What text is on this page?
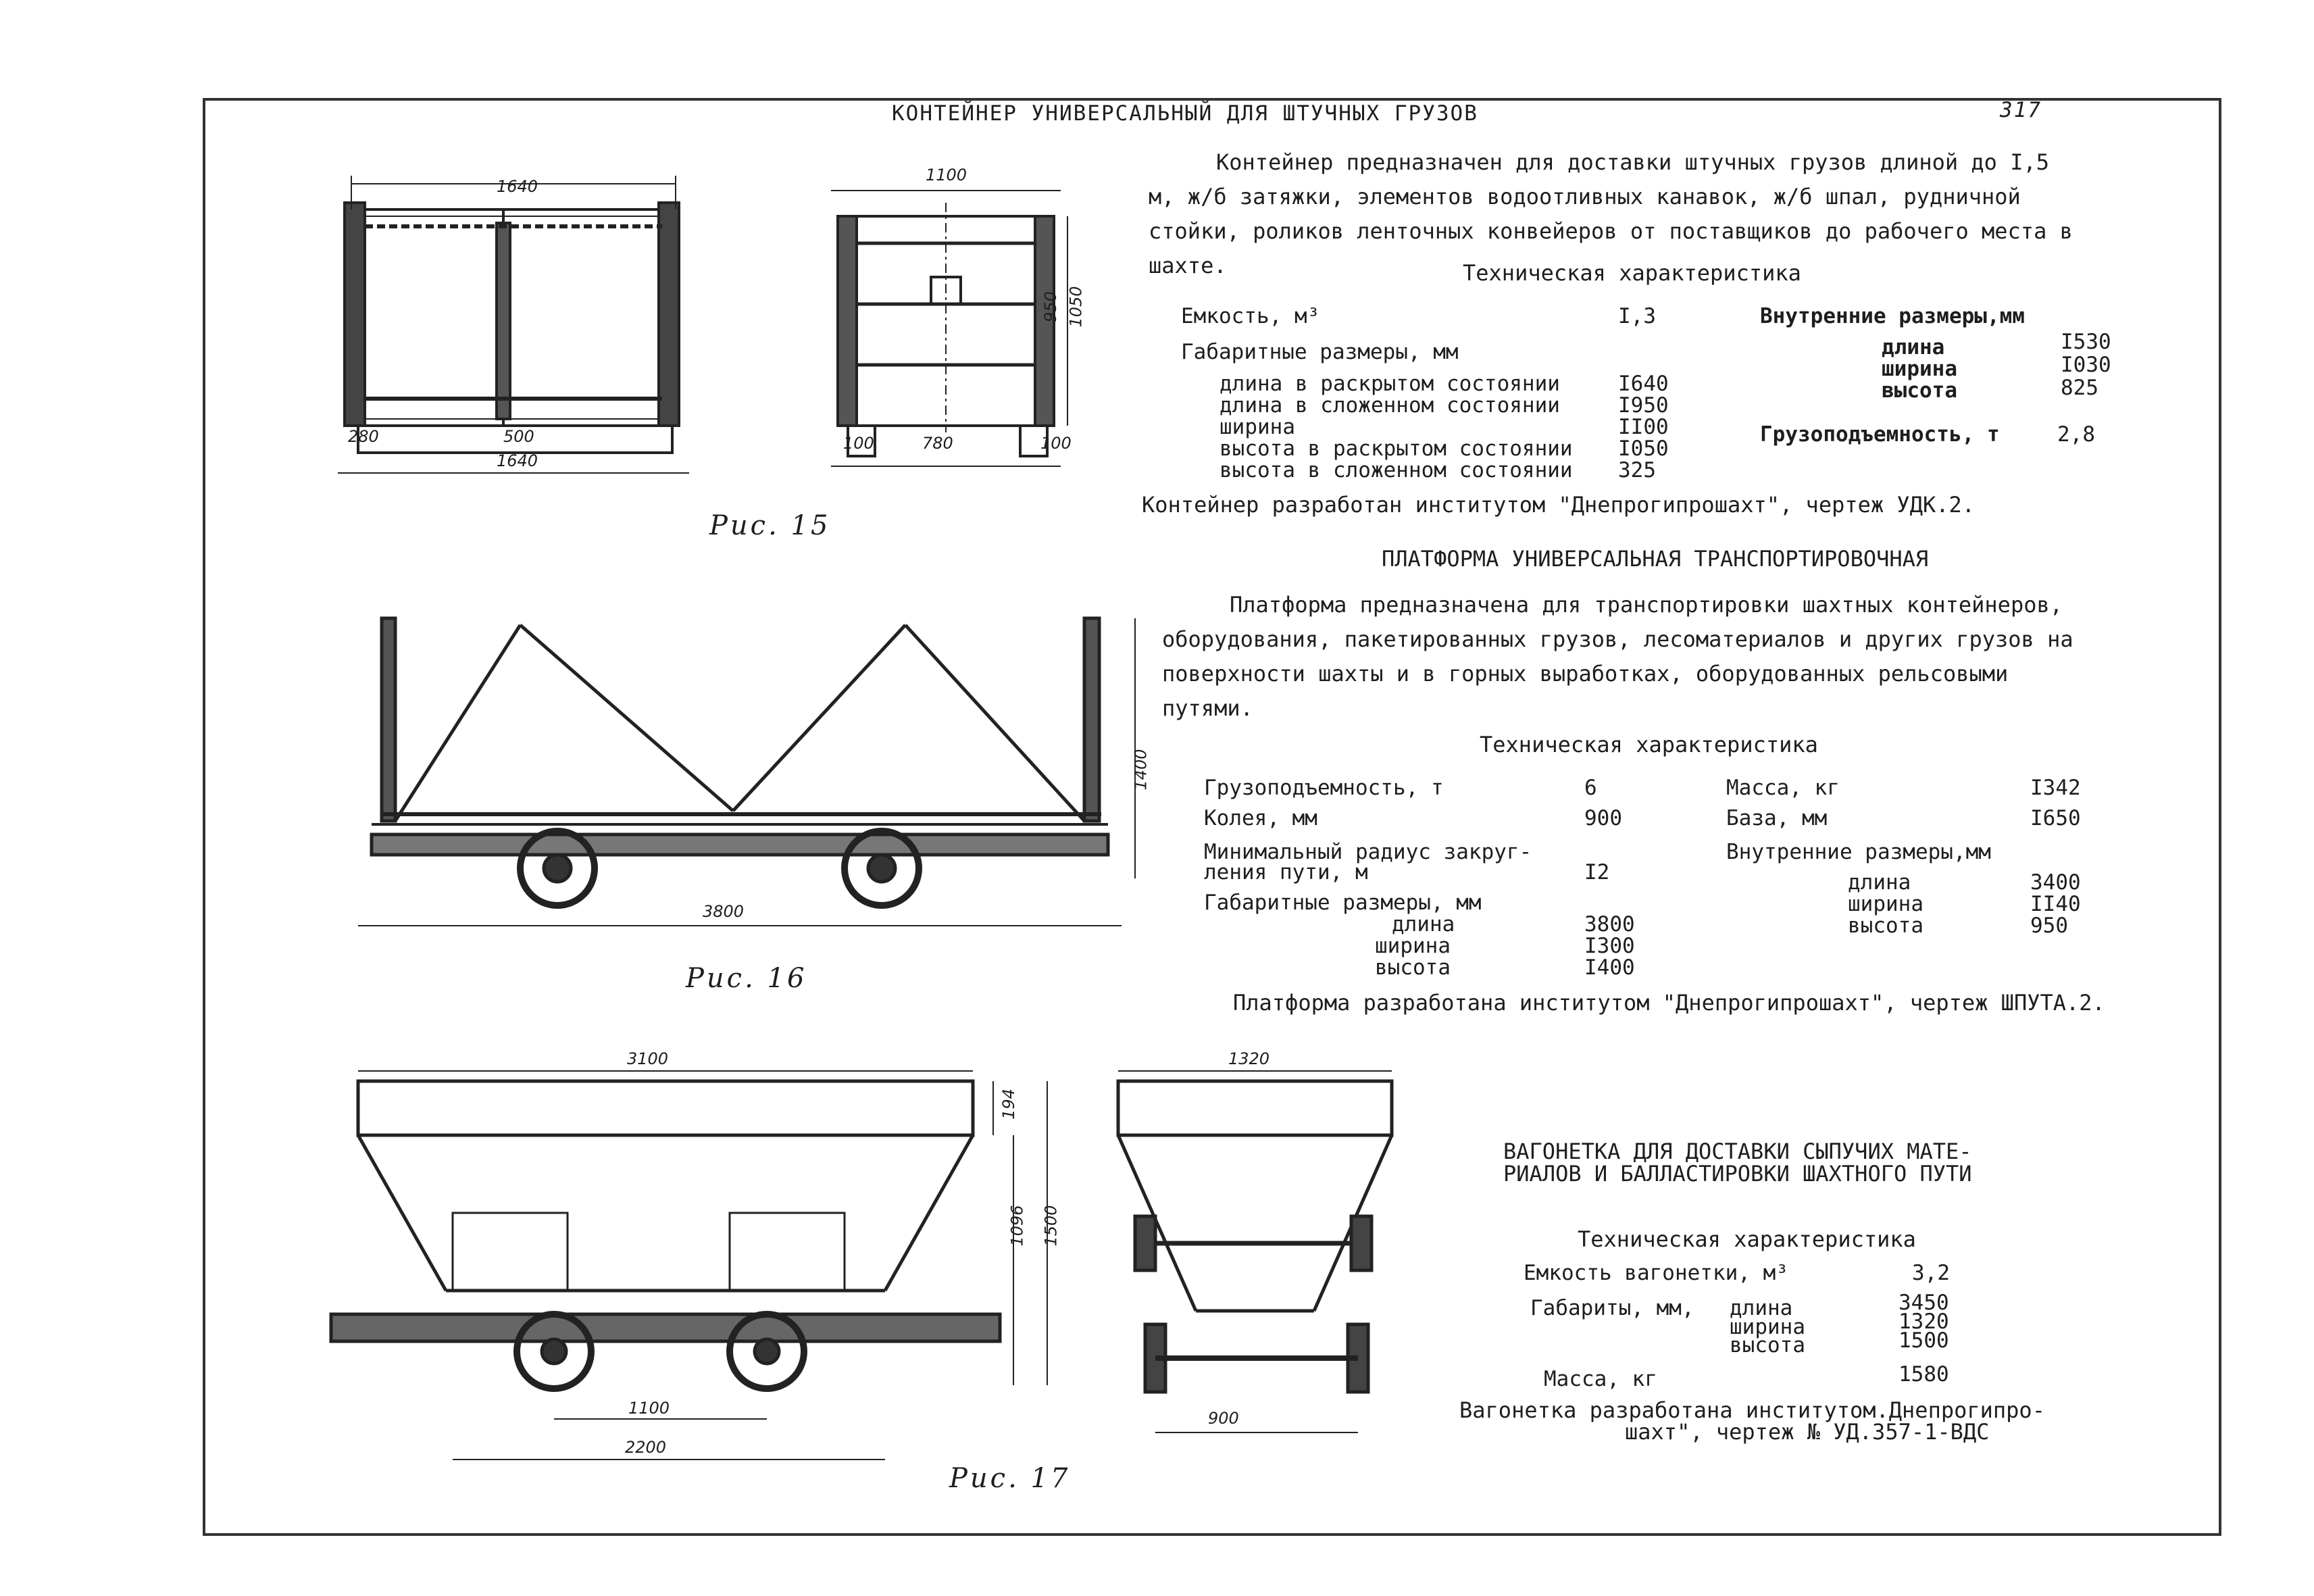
КОНТЕЙНЕР УНИВЕРСАЛЬНЫЙ ДЛЯ ШТУЧНЫХ ГРУЗОВ	317
Контейнер предназначен для доставки штучных грузов длиной до I,5 м, ж/б затяжки, элементов водоотливных канавок, ж/б шпал, рудничной стойки, роликов ленточных конвейеров от поставщиков до рабочего места в шахте.	Техническая характеристика
Емкость, м³	I,3
Габаритные размеры, мм
длина в раскрытом состоянии	I640
длина в сложенном состоянии	I950
ширина	II00
высота в раскрытом состоянии I050
высота в сложенном состоянии 325
Внутренние размеры,мм
длина	I530
ширина	I030
высота	825
Грузоподъемность, т	2,8
Контейнер разработан институтом "Днепрогипрошахт", чертеж УДК.2.
Рис. 15
1640
500
280
1640
1100
950 1050
100	780	100
ПЛАТФОРМА УНИВЕРСАЛЬНАЯ ТРАНСПОРТИРОВОЧНАЯ
Платформа предназначена для транспортировки шахтных контейнеров, оборудования, пакетированных грузов, лесоматериалов и других грузов на поверхности шахты и в горных выработках, оборудованных рельсовыми путями.
Техническая характеристика
Грузоподъемность, т	6
Колея, мм	900
Минимальный радиус закруг-
ления пути, м	I2
Габаритные размеры, мм
длина	3800
ширина	I300
высота	I400
Масса, кг	I342
База, мм	I650
Внутренние размеры,мм
длина	3400
ширина	II40
высота	950
Платформа разработана институтом "Днепрогипрошахт", чертеж ШПУТА.2.
Рис. 16
3800
1400
ВАГОНЕТКА ДЛЯ ДОСТАВКИ СЫПУЧИХ МАТЕ-
РИАЛОВ И БАЛЛАСТИРОВКИ ШАХТНОГО ПУТИ
Техническая характеристика
Емкость вагонетки, м³	3,2
Габариты, мм, длина	3450
ширина	1320
высота	1500
Масса, кг	1580
Вагонетка разработана институтом.Днепрогипро-
шахт", чертеж № УД.357-1-ВДС
Рис. 17
3100
194
1096 1500
1100
2200
1320
900
